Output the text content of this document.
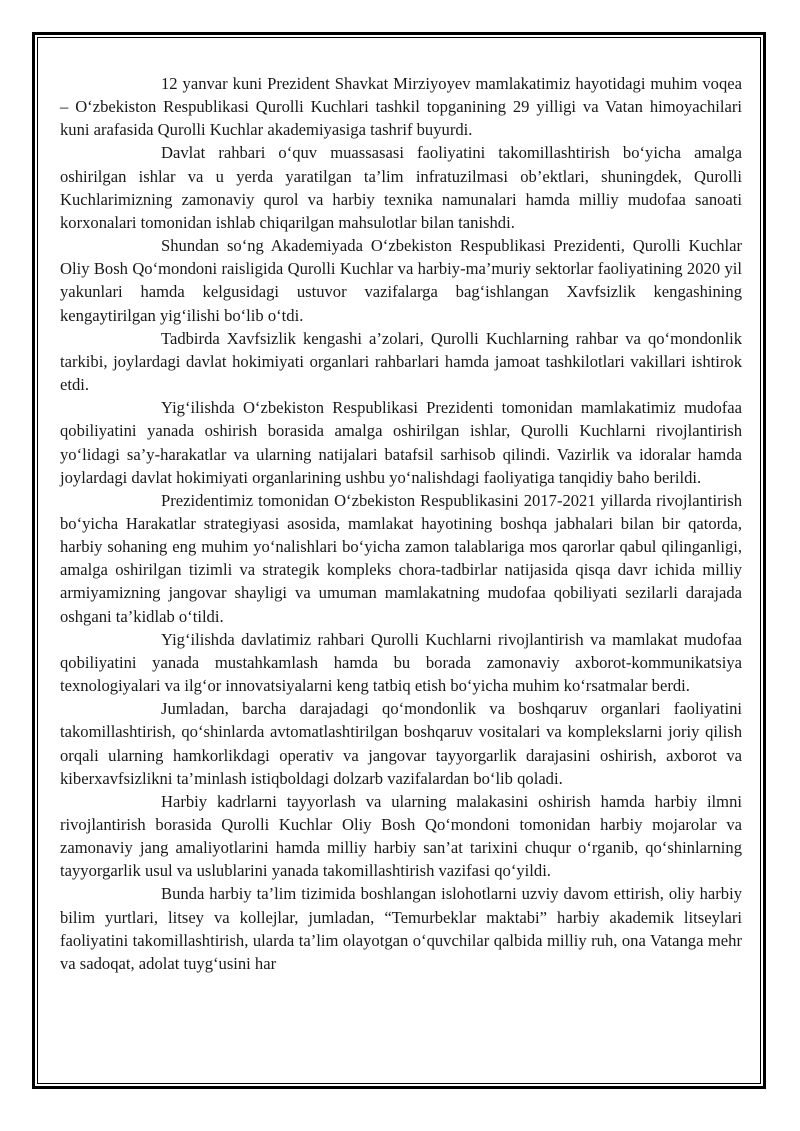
12 yanvar kuni Prezident Shavkat Mirziyoyev mamlakatimiz hayotidagi muhim voqea – O‘zbekiston Respublikasi Qurolli Kuchlari tashkil topganining 29 yilligi va Vatan himoyachilari kuni arafasida Qurolli Kuchlar akademiyasiga tashrif buyurdi.

Davlat rahbari o‘quv muassasasi faoliyatini takomillashtirish bo‘yicha amalga oshirilgan ishlar va u yerda yaratilgan ta’lim infratuzilmasi ob’ektlari, shuningdek, Qurolli Kuchlarimizning zamonaviy qurol va harbiy texnika namunalari hamda milliy mudofaa sanoati korxonalari tomonidan ishlab chiqarilgan mahsulotlar bilan tanishdi.

Shundan so‘ng Akademiyada O‘zbekiston Respublikasi Prezidenti, Qurolli Kuchlar Oliy Bosh Qo‘mondoni raisligida Qurolli Kuchlar va harbiy-ma’muriy sektorlar faoliyatining 2020 yil yakunlari hamda kelgusidagi ustuvor vazifalarga bag‘ishlangan Xavfsizlik kengashining kengaytirilgan yig‘ilishi bo‘lib o‘tdi.

Tadbirda Xavfsizlik kengashi a’zolari, Qurolli Kuchlarning rahbar va qo‘mondonlik tarkibi, joylardagi davlat hokimiyati organlari rahbarlari hamda jamoat tashkilotlari vakillari ishtirok etdi.

Yig‘ilishda O‘zbekiston Respublikasi Prezidenti tomonidan mamlakatimiz mudofaa qobiliyatini yanada oshirish borasida amalga oshirilgan ishlar, Qurolli Kuchlarni rivojlantirish yo‘lidagi sa’y-harakatlar va ularning natijalari batafsil sarhisob qilindi. Vazirlik va idoralar hamda joylardagi davlat hokimiyati organlarining ushbu yo‘nalishdagi faoliyatiga tanqidiy baho berildi.

Prezidentimiz tomonidan O‘zbekiston Respublikasini 2017-2021 yillarda rivojlantirish bo‘yicha Harakatlar strategiyasi asosida, mamlakat hayotining boshqa jabhalari bilan bir qatorda, harbiy sohaning eng muhim yo‘nalishlari bo‘yicha zamon talablariga mos qarorlar qabul qilinganligi, amalga oshirilgan tizimli va strategik kompleks chora-tadbirlar natijasida qisqa davr ichida milliy armiyamizning jangovar shayligi va umuman mamlakatning mudofaa qobiliyati sezilarli darajada oshgani ta’kidlab o‘tildi.

Yig‘ilishda davlatimiz rahbari Qurolli Kuchlarni rivojlantirish va mamlakat mudofaa qobiliyatini yanada mustahkamlash hamda bu borada zamonaviy axborot-kommunikatsiya texnologiyalari va ilg‘or innovatsiyalarni keng tatbiq etish bo‘yicha muhim ko‘rsatmalar berdi.

Jumladan, barcha darajadagi qo‘mondonlik va boshqaruv organlari faoliyatini takomillashtirish, qo‘shinlarda avtomatlashtirilgan boshqaruv vositalari va komplekslarni joriy qilish orqali ularning hamkorlikdagi operativ va jangovar tayyorgarlik darajasini oshirish, axborot va kiberxavfsizlikni ta’minlash istiqboldagi dolzarb vazifalardan bo‘lib qoladi.

Harbiy kadrlarni tayyorlash va ularning malakasini oshirish hamda harbiy ilmni rivojlantirish borasida Qurolli Kuchlar Oliy Bosh Qo‘mondoni tomonidan harbiy mojarolar va zamonaviy jang amaliyotlarini hamda milliy harbiy san’at tarixini chuqur o‘rganib, qo‘shinlarning tayyorgarlik usul va uslublarini yanada takomillashtirish vazifasi qo‘yildi.

Bunda harbiy ta’lim tizimida boshlangan islohotlarni uzviy davom ettirish, oliy harbiy bilim yurtlari, litsey va kollejlar, jumladan, “Temurbeklar maktabi” harbiy akademik litseylari faoliyatini takomillashtirish, ularda ta’lim olayotgan o‘quvchilar qalbida milliy ruh, ona Vatanga mehr va sadoqat, adolat tuyg‘usini har
